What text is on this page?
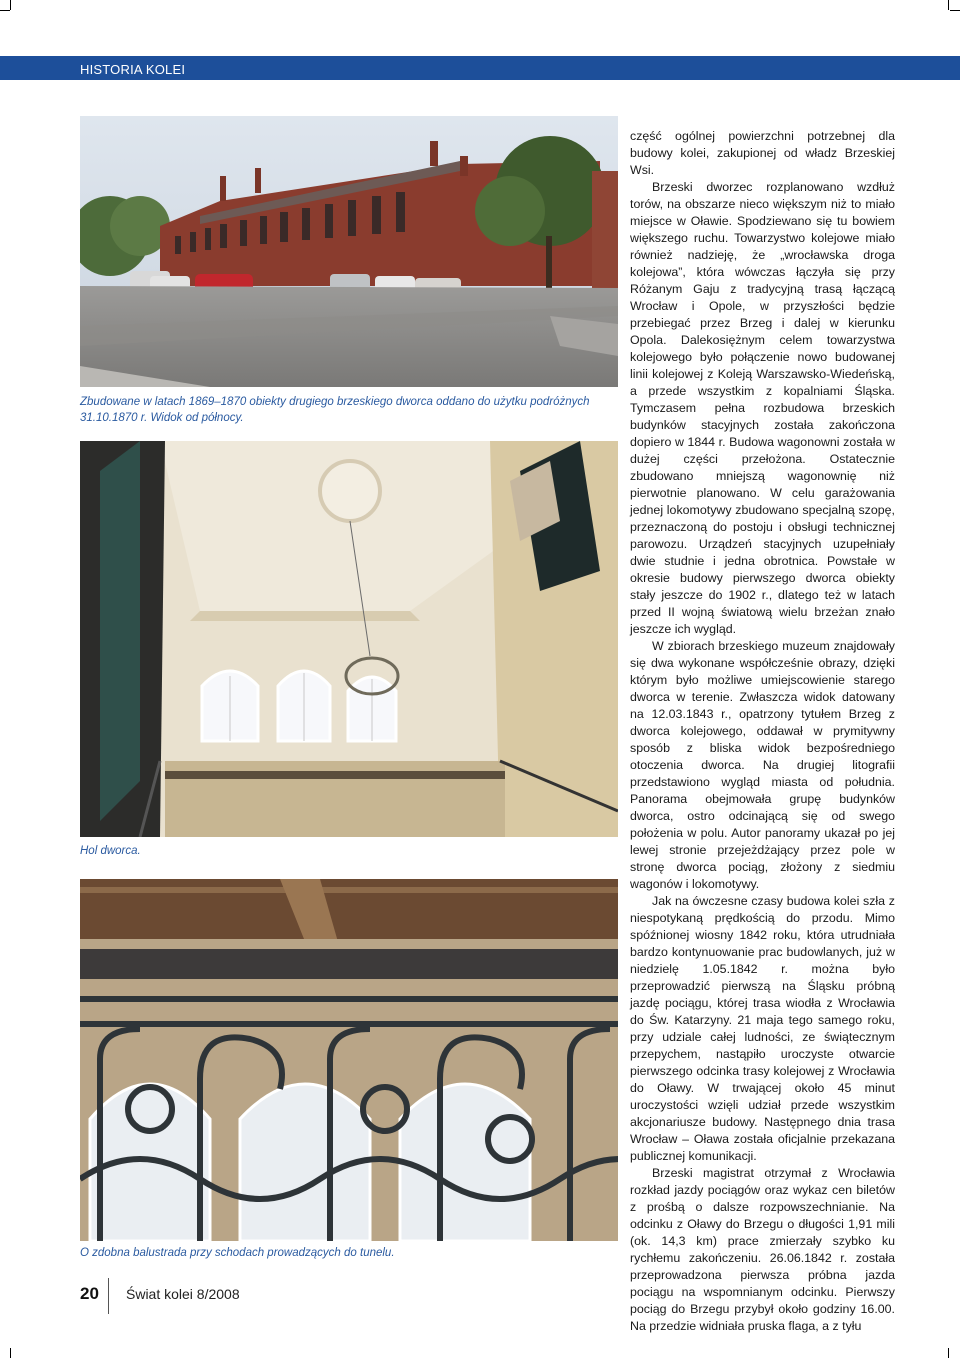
HISTORIA KOLEI
Zbudowane w latach 1869–1870 obiekty drugiego brzeskiego dworca oddano do użytku podróżnych 31.10.1870 r. Widok od północy.
Hol dworca.
O zdobna balustrada przy schodach prowadzących do tunelu.

część ogólnej powierzchni potrzebnej dla budowy kolei, zakupionej od władz Brzeskiej Wsi.

Brzeski dworzec rozplanowano wzdłuż torów, na obszarze nieco większym niż to miało miejsce w Oławie. Spodziewano się tu bowiem większego ruchu. Towarzystwo kolejowe miało również nadzieję, że „wrocławska droga kolejowa”, która wówczas łączyła się przy Różanym Gaju z tradycyjną trasą łączącą Wrocław i Opole, w przyszłości będzie przebiegać przez Brzeg i dalej w kierunku Opola. Dalekosiężnym celem towarzystwa kolejowego było połączenie nowo budowanej linii kolejowej z Koleją Warszawsko-Wiedeńską, a przede wszystkim z kopalniami Śląska. Tymczasem pełna rozbudowa brzeskich budynków stacyjnych została zakończona dopiero w 1844 r. Budowa wagonowni została w dużej części przełożona. Ostatecznie zbudowano mniejszą wagonownię niż pierwotnie planowano. W celu garażowania jednej lokomotywy zbudowano specjalną szopę, przeznaczoną do postoju i obsługi technicznej parowozu. Urządzeń stacyjnych uzupełniały dwie studnie i jedna obrotnica. Powstałe w okresie budowy pierwszego dworca obiekty stały jeszcze do 1902 r., dlatego też w latach przed II wojną światową wielu brzeżan znało jeszcze ich wygląd.

W zbiorach brzeskiego muzeum znajdowały się dwa wykonane współcześnie obrazy, dzięki którym było możliwe umiejscowienie starego dworca w terenie. Zwłaszcza widok datowany na 12.03.1843 r., opatrzony tytułem Brzeg z dworca kolejowego, oddawał w prymitywny sposób z bliska widok bezpośredniego otoczenia dworca. Na drugiej litografii przedstawiono wygląd miasta od południa. Panorama obejmowała grupę budynków dworca, ostro odcinającą się od swego położenia w polu. Autor panoramy ukazał po jej lewej stronie przejeżdżający przez pole w stronę dworca pociąg, złożony z siedmiu wagonów i lokomotywy.

Jak na ówczesne czasy budowa kolei szła z niespotykaną prędkością do przodu. Mimo spóźnionej wiosny 1842 roku, która utrudniała bardzo kontynuowanie prac budowlanych, już w niedzielę 1.05.1842 r. można było przeprowadzić pierwszą na Śląsku próbną jazdę pociągu, której trasa wiodła z Wrocławia do Św. Katarzyny. 21 maja tego samego roku, przy udziale całej ludności, ze świątecznym przepychem, nastąpiło uroczyste otwarcie pierwszego odcinka trasy kolejowej z Wrocławia do Oławy. W trwającej około 45 minut uroczystości wzięli udział przede wszystkim akcjonariusze budowy. Następnego dnia trasa Wrocław – Oława została oficjalnie przekazana publicznej komunikacji.

Brzeski magistrat otrzymał z Wrocławia rozkład jazdy pociągów oraz wykaz cen biletów z prośbą o dalsze rozpowszechnianie. Na odcinku z Oławy do Brzegu o długości 1,91 mili (ok. 14,3 km) prace zmierzały szybko ku rychłemu zakończeniu. 26.06.1842 r. została przeprowadzona pierwsza próbna jazda pociągu na wspomnianym odcinku. Pierwszy pociąg do Brzegu przybył około godziny 16.00. Na przedzie widniała pruska flaga, a z tyłu

20 Świat kolei 8/2008
